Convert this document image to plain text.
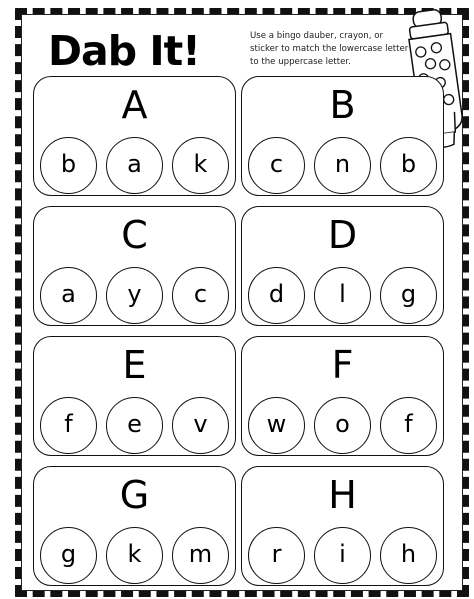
Dab It!	Use a bingo dauber, crayon, or sticker to match the lowercase letter to the uppercase letter.
A
b	a	k
B
c	n	b
C
a	y	c
D
d	l	g
E
f	e	v
F
w	o	f
G
g	k	m
H
r	i	h
